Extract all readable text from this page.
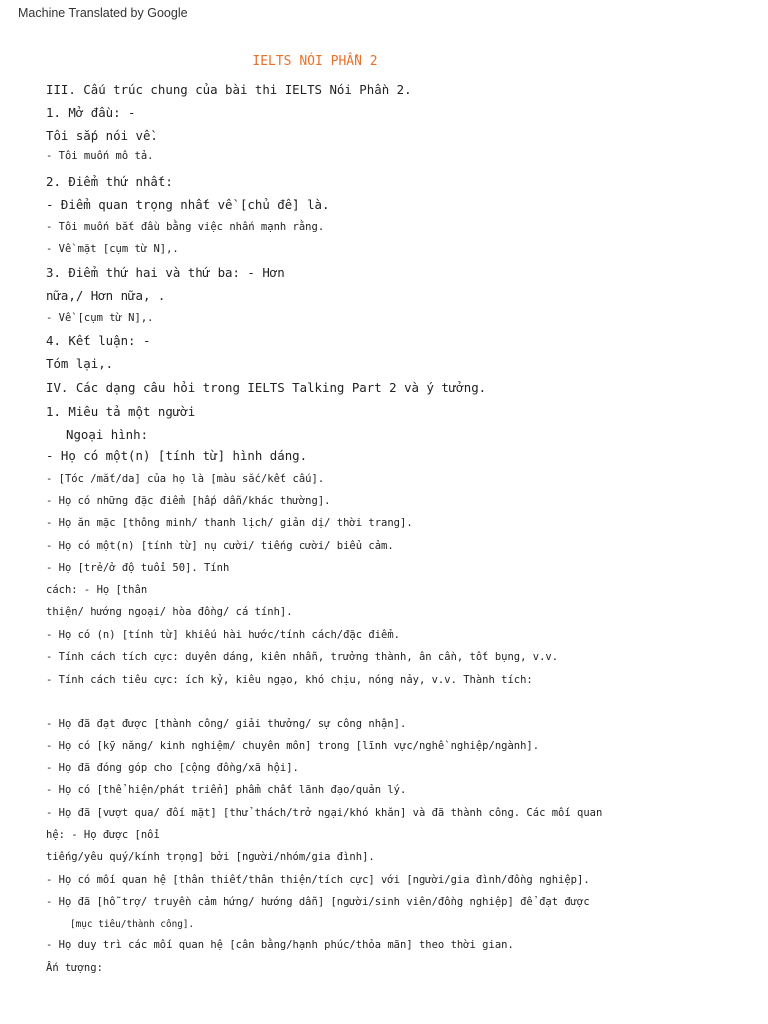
Machine Translated by Google
IELTS NÓI PHẦN 2
III. Cấu trúc chung của bài thi IELTS Nói Phần 2.
1. Mở đầu: -
Tôi sắp nói về.
- Tôi muốn mô tả.
2. Điểm thứ nhất:
- Điểm quan trọng nhất về [chủ đề] là.
- Tôi muốn bắt đầu bằng việc nhấn mạnh rằng.
- Về mặt [cụm từ N],.
3. Điểm thứ hai và thứ ba: - Hơn
nữa,/ Hơn nữa, .
- Về [cụm từ N],.
4. Kết luận: -
Tóm lại,.
IV. Các dạng câu hỏi trong IELTS Talking Part 2 và ý tưởng.
1. Miêu tả một người
Ngoại hình:
- Họ có một(n) [tính từ] hình dáng.
- [Tóc /mắt/da] của họ là [màu sắc/kết cấu].
- Họ có những đặc điểm [hấp dẫn/khác thường].
- Họ ăn mặc [thông minh/ thanh lịch/ giản dị/ thời trang].
- Họ có một(n) [tính từ] nụ cười/ tiếng cười/ biểu cảm.
- Họ [trẻ/ở độ tuổi 50]. Tính
cách: - Họ [thân
thiện/ hướng ngoại/ hòa đồng/ cá tính].
- Họ có (n) [tính từ] khiếu hài hước/tính cách/đặc điểm.
- Tính cách tích cực: duyên dáng, kiên nhẫn, trưởng thành, ân cần, tốt bụng, v.v.
- Tính cách tiêu cực: ích kỷ, kiêu ngạo, khó chịu, nóng nảy, v.v. Thành tích:
- Họ đã đạt được [thành công/ giải thưởng/ sự công nhận].
- Họ có [kỹ năng/ kinh nghiệm/ chuyên môn] trong [lĩnh vực/nghề nghiệp/ngành].
- Họ đã đóng góp cho [cộng đồng/xã hội].
- Họ có [thể hiện/phát triển] phẩm chất lãnh đạo/quản lý.
- Họ đã [vượt qua/ đối mặt] [thử thách/trở ngại/khó khăn] và đã thành công. Các mối quan
hệ: - Họ được [nổi
tiếng/yêu quý/kính trọng] bởi [người/nhóm/gia đình].
- Họ có mối quan hệ [thân thiết/thân thiện/tích cực] với [người/gia đình/đồng nghiệp].
- Họ đã [hỗ trợ/ truyền cảm hứng/ hướng dẫn] [người/sinh viên/đồng nghiệp] để đạt được
[mục tiêu/thành công].
- Họ duy trì các mối quan hệ [cân bằng/hạnh phúc/thỏa mãn] theo thời gian.
Ấn tượng:
